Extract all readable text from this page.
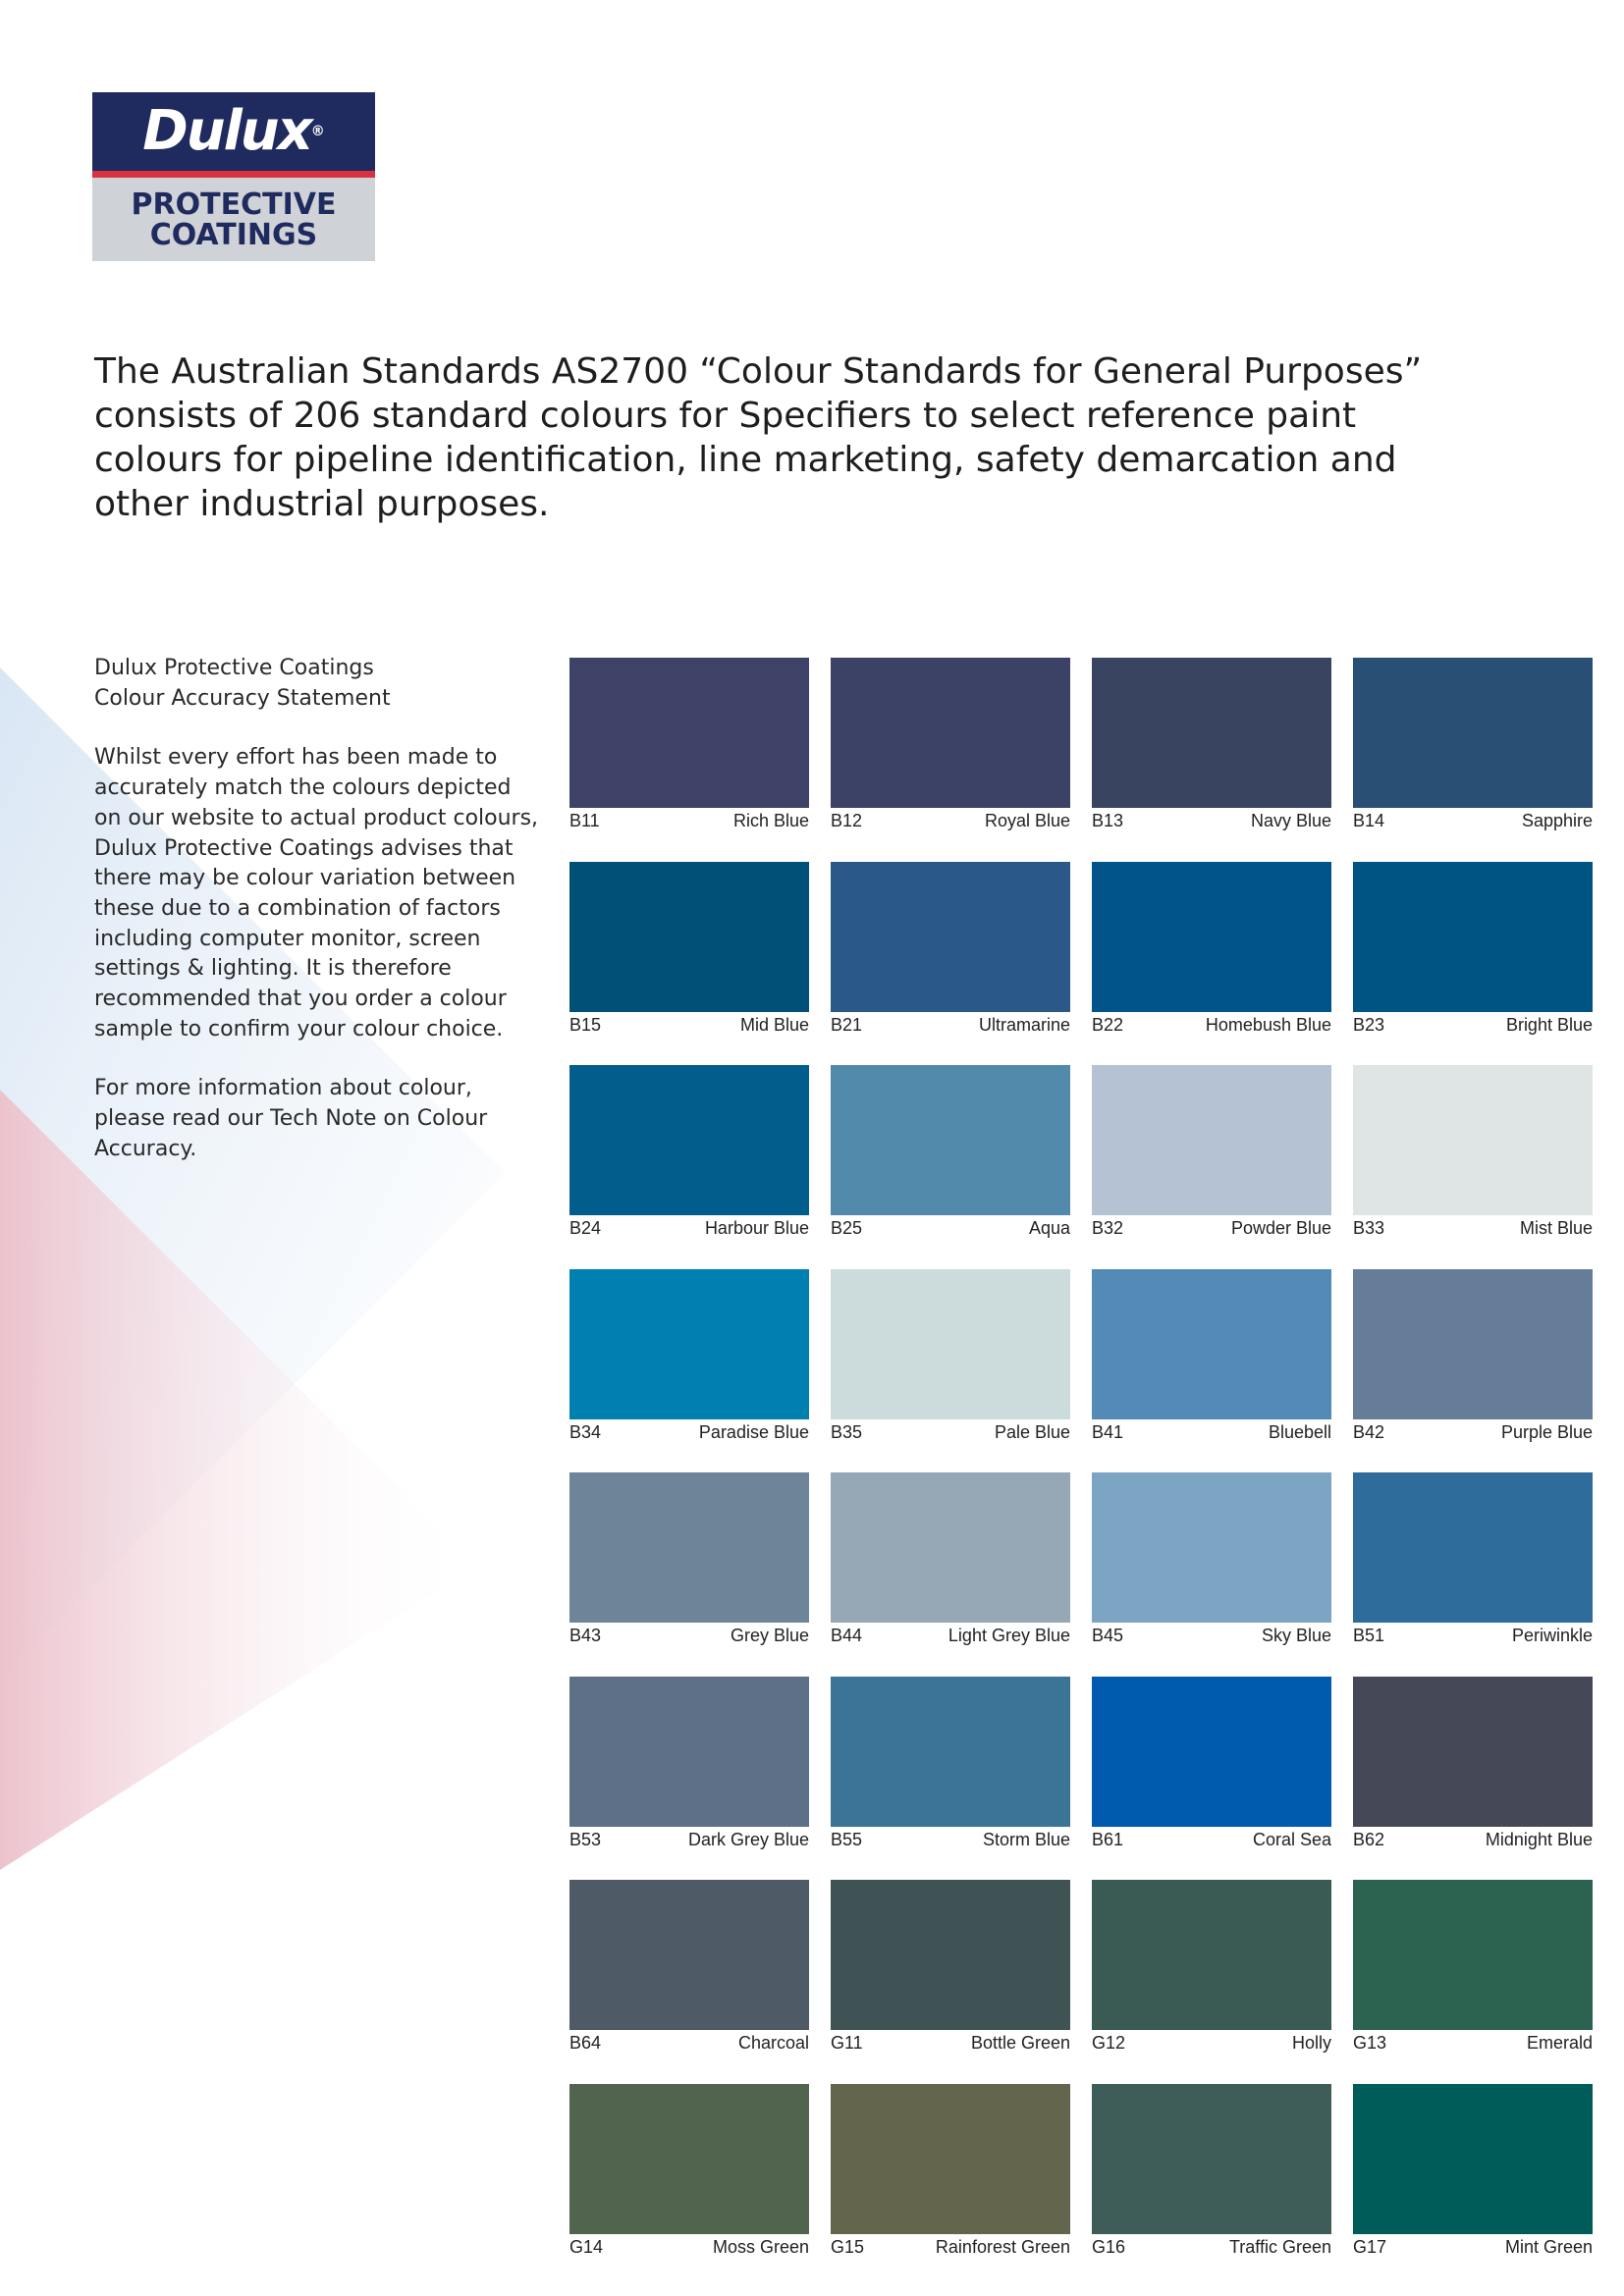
Dulux®
PROTECTIVE
COATINGS
The Australian Standards AS2700 “Colour Standards for General Purposes”
consists of 206 standard colours for Specifiers to select reference paint
colours for pipeline identification, line marketing, safety demarcation and
other industrial purposes.
Dulux Protective Coatings
Colour Accuracy Statement
Whilst every effort has been made to
accurately match the colours depicted
on our website to actual product colours,
Dulux Protective Coatings advises that
there may be colour variation between
these due to a combination of factors
including computer monitor, screen
settings & lighting. It is therefore
recommended that you order a colour
sample to confirm your colour choice.
For more information about colour,
please read our Tech Note on Colour
Accuracy.
B11	Rich Blue B12	Royal Blue B13	Navy Blue B14	Sapphire
B15	Mid Blue B21	Ultramarine B22	Homebush Blue B23	Bright Blue
B24	Harbour Blue B25	Aqua B32	Powder Blue B33	Mist Blue
B34	Paradise Blue B35	Pale Blue B41	Bluebell B42	Purple Blue
B43	Grey Blue B44	Light Grey Blue B45	Sky Blue B51	Periwinkle
B53	Dark Grey Blue B55	Storm Blue B61	Coral Sea B62	Midnight Blue
B64	Charcoal G11	Bottle Green G12	Holly G13	Emerald
G14	Moss Green G15	Rainforest Green G16	Traffic Green G17	Mint Green
